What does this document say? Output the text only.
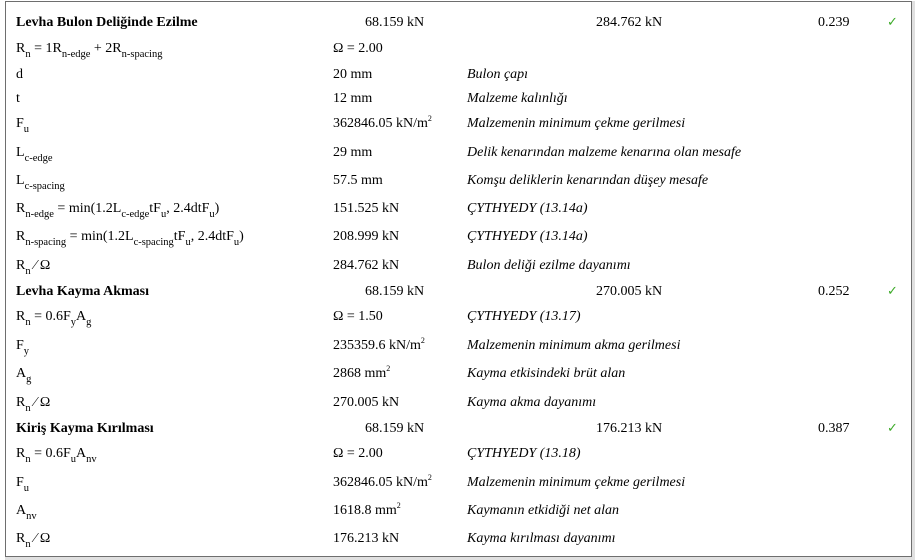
Levha Bulon Deliğinde Ezilme	68.159 kN	284.762 kN	0.239	✓
$R_n = 1R_{n-edge} + 2R_{n-spacing}$	Ω = 2.00
d	20 mm	Bulon çapı
t	12 mm	Malzeme kalınlığı
$F_u$	362846.05 $kN/m^2$	Malzemenin minimum çekme gerilmesi
$L_{c-edge}$	29 mm	Delik kenarından malzeme kenarına olan mesafe
$L_{c-spacing}$	57.5 mm	Komşu deliklerin kenarından düşey mesafe
$R_{n-edge} = \min(1.2L_{c-edge}tF_u$, 2.4dtF$_u$)	151.525 kN	ÇYTHYEDY (13.14a)
$R_{n-spacing} = \min(1.2L_{c-spacing}tF_u$, 2.4dtF$_u$)	208.999 kN	ÇYTHYEDY (13.14a)
$R_n$ ⁄ Ω	284.762 kN	Bulon deliği ezilme dayanımı
Levha Kayma Akması	68.159 kN	270.005 kN	0.252	✓
$R_n = 0.6F_yA_g$	Ω = 1.50	ÇYTHYEDY (13.17)
$F_y$	235359.6 $kN/m^2$	Malzemenin minimum akma gerilmesi
$A_g$	2868 $mm^2$	Kayma etkisindeki brüt alan
$R_n$ ⁄ Ω	270.005 kN	Kayma akma dayanımı
Kiriş Kayma Kırılması	68.159 kN	176.213 kN	0.387	✓
$R_n = 0.6F_uA_{nv}$	Ω = 2.00	ÇYTHYEDY (13.18)
$F_u$	362846.05 $kN/m^2$	Malzemenin minimum çekme gerilmesi
$A_{nv}$	1618.8 $mm^2$	Kaymanın etkidiği net alan
$R_n$ ⁄ Ω	176.213 kN	Kayma kırılması dayanımı
